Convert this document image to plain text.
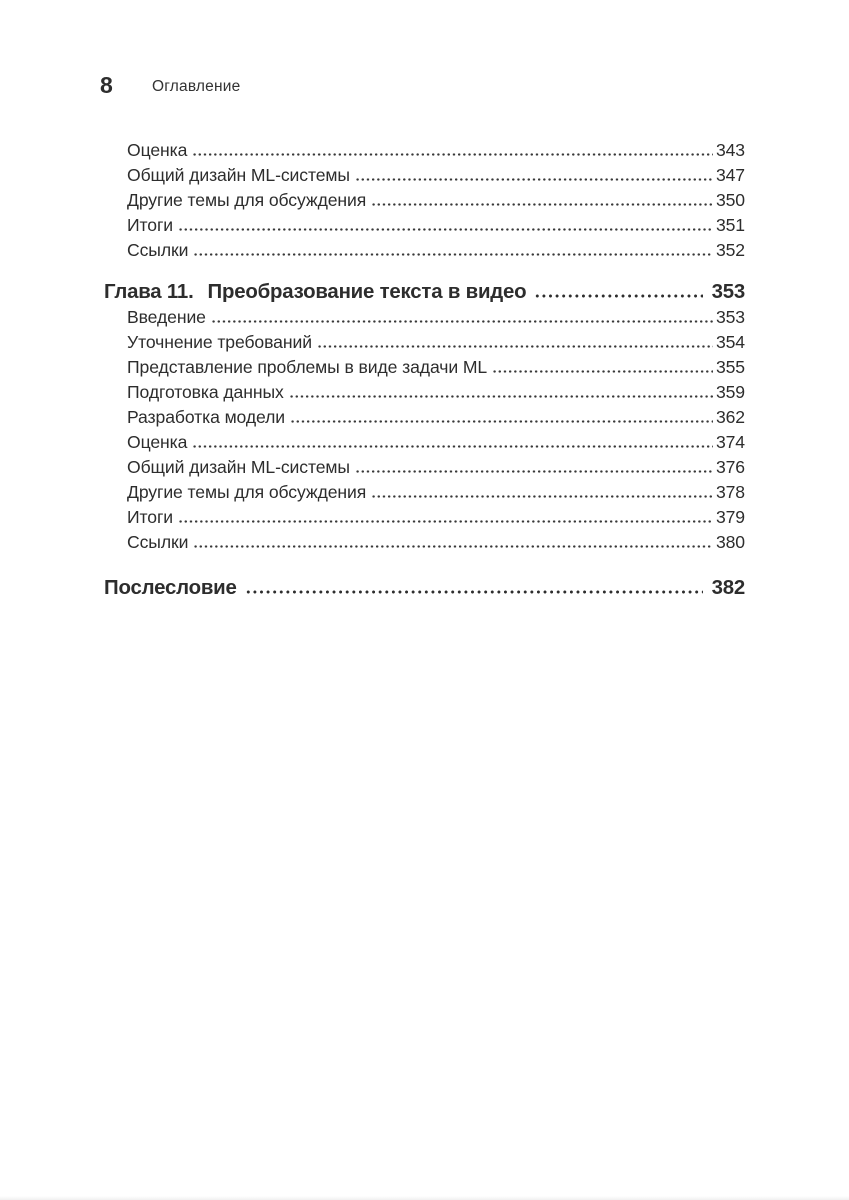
8	Оглавление
Оценка	343
Общий дизайн ML-системы	347
Другие темы для обсуждения	350
Итоги	351
Ссылки	352
Глава 11. Преобразование текста в видео	353
Введение	353
Уточнение требований	354
Представление проблемы в виде задачи ML	355
Подготовка данных	359
Разработка модели	362
Оценка	374
Общий дизайн ML-системы	376
Другие темы для обсуждения	378
Итоги	379
Ссылки	380
Послесловие	382
